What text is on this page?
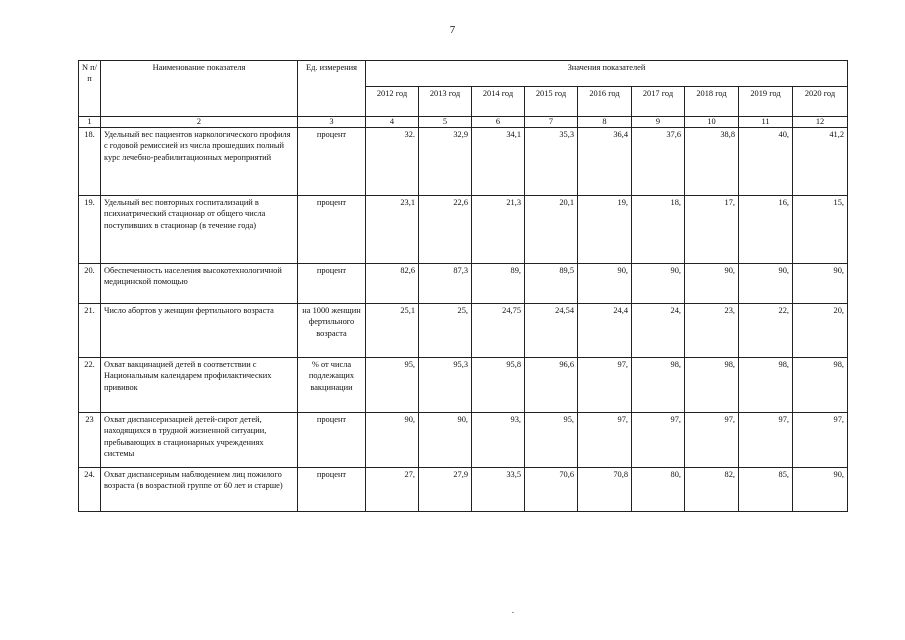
7
N п/п	Наименование показателя	Ед. измерения	Значения показателей								
			2012 год	2013 год	2014 год	2015 год	2016 год	2017 год	2018 год	2019 год	2020 год
1	2	3	4	5	6	7	8	9	10	11	12
18.	Удельный вес пациентов наркологического профиля с годовой ремиссией из числа прошедших полный курс лечебно-реабилитационных мероприятий	процент	32.	32,9	34,1	35,3	36,4	37,6	38,8	40,	41,2
19.	Удельный вес повторных госпитализаций в психиатрический стационар от общего числа поступивших в стационар (в течение года)	процент	23,1	22,6	21,3	20,1	19,	18,	17,	16,	15,
20.	Обеспеченность населения высокотехнологичной медицинской помощью	процент	82,6	87,3	89,	89,5	90,	90,	90,	90,	90,
21.	Число абортов у женщин фертильного возраста	на 1000 женщин фертильного возраста	25,1	25,	24,75	24,54	24,4	24,	23,	22,	20,
22.	Охват вакцинацией детей в соответствии с Национальным календарем профилактических прививок	% от числа подлежащих вакцинации	95,	95,3	95,8	96,6	97,	98,	98,	98,	98,
23	Охват диспансеризацией детей-сирот детей, находящихся в трудной жизненной ситуации, пребывающих в стационарных учреждениях системы	процент	90,	90,	93,	95,	97,	97,	97,	97,	97,
24.	Охват диспансерным наблюдением лиц пожилого возраста (в возрастной группе от 60 лет и старше)	процент	27,	27,9	33,5	70,6	70,8	80,	82,	85,	90,
